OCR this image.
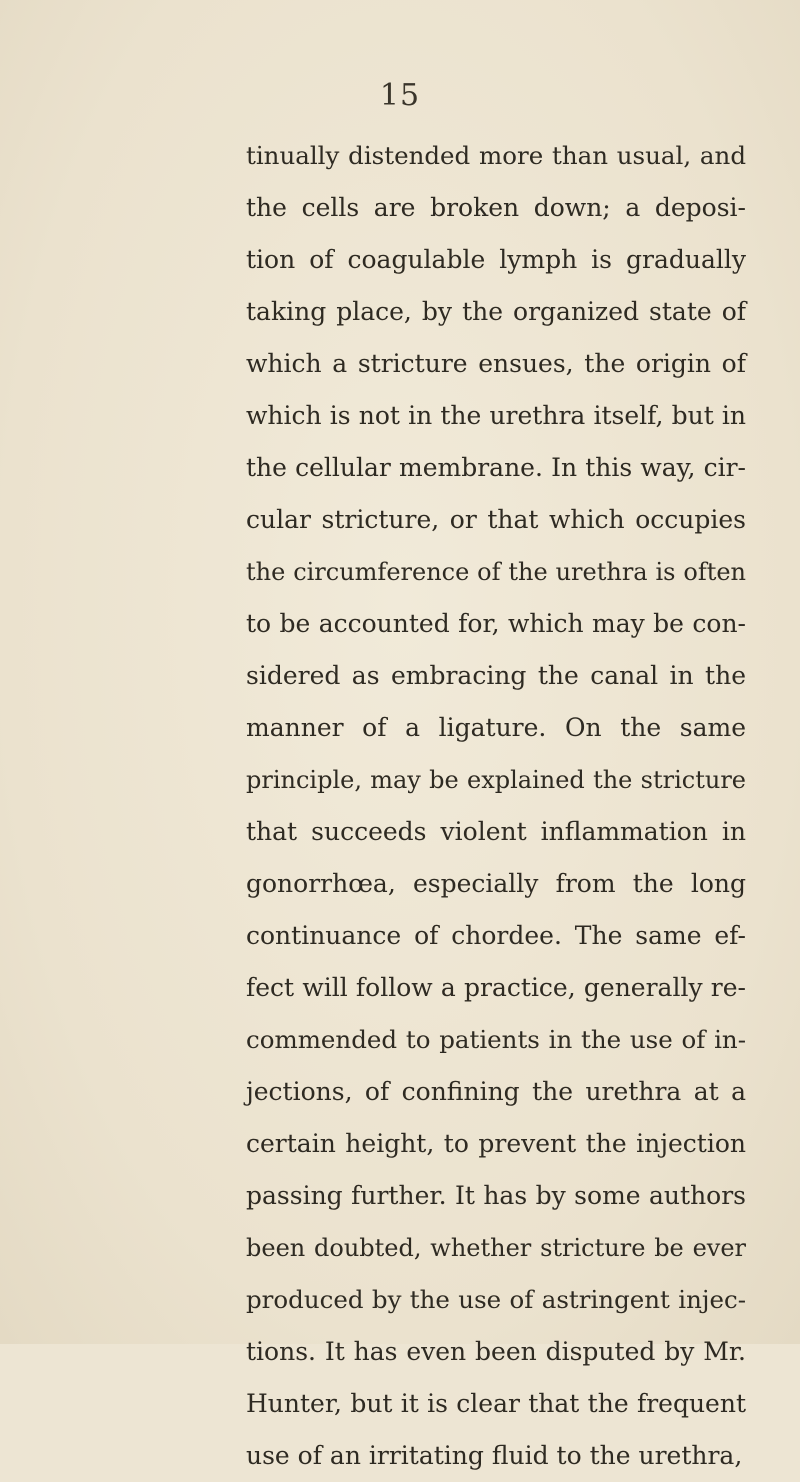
15
tinually distended more than usual, and
the cells are broken down; a deposi-
tion of coagulable lymph is gradually
taking place, by the organized state of
which a stricture ensues, the origin of
which is not in the urethra itself, but in
the cellular membrane. In this way, cir-
cular stricture, or that which occupies
the circumference of the urethra is often
to be accounted for, which may be con-
sidered as embracing the canal in the
manner of a ligature. On the same
principle, may be explained the stricture
that succeeds violent inflammation in
gonorrhœa, especially from the long
continuance of chordee. The same ef-
fect will follow a practice, generally re-
commended to patients in the use of in-
jections, of confining the urethra at a
certain height, to prevent the injection
passing further. It has by some authors
been doubted, whether stricture be ever
produced by the use of astringent injec-
tions. It has even been disputed by Mr.
Hunter, but it is clear that the frequent
use of an irritating fluid to the urethra,
